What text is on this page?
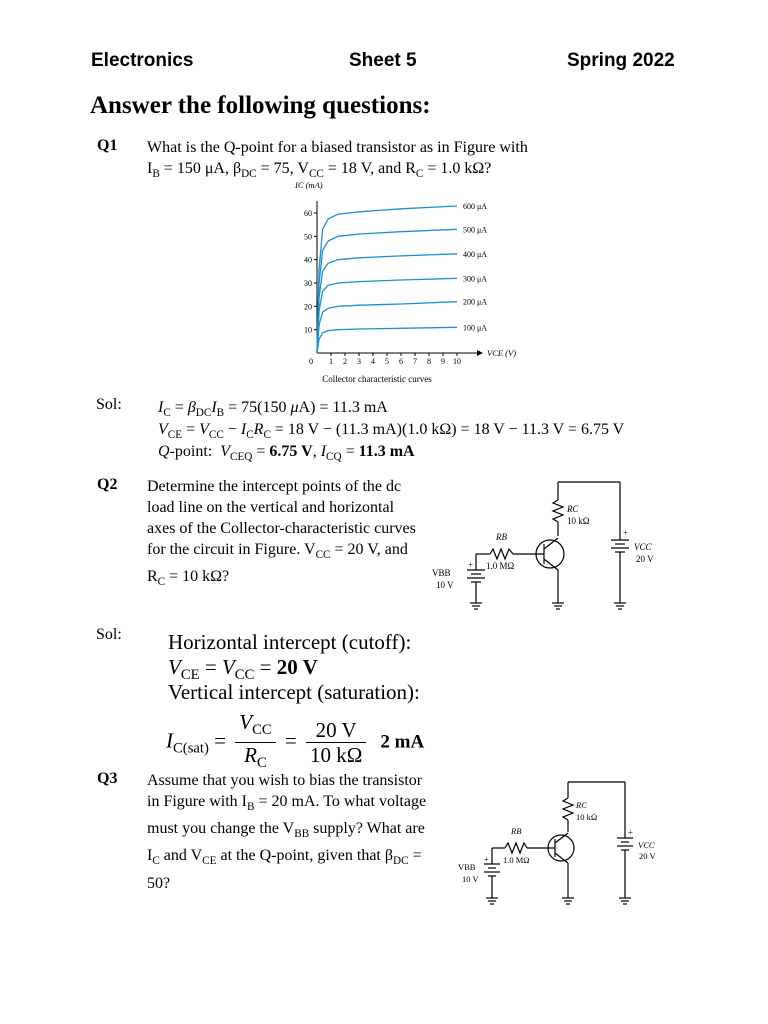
Electronics	Sheet 5	Spring 2022
Answer the following questions:
Q1 What is the Q-point for a biased transistor as in Figure with
$I_B = 150$ μA, $\beta_{DC} = 75$, $V_{CC} = 18$ V, and $R_C = 1.0$ kΩ?
10
20
30
40
50
60
0 1 2 3 4 5 6 7 8 9 10
IC (mA)
VCE (V)
100 μA
200 μA
300 μA
400 μA
500 μA
600 μA
Collector characteristic curves
Sol: $I_C = \beta_{DC}I_B = 75(150$ μA) = 11.3 mA
$V_{CE} = V_{CC} - I_CR_C = 18$ V − (11.3 mA)(1.0 kΩ) = 18 V − 11.3 V = 6.75 V
Q-point:  $V_{CEQ} = 6.75$ V, $I_{CQ} = 11.3$ mA
Q2 Determine the intercept points of the dc load line on the vertical and horizontal axes of the Collector-characteristic curves for the circuit in Figure. $V_{CC} = 20$ V, and $R_C = 10$ kΩ?
RC
10 kΩ
RB
1.0 MΩ
VBB
10 V
+
VCC
20 V
+
Sol: Horizontal intercept (cutoff):
$V_{CE} = V_{CC} = 20$ V
Vertical intercept (saturation):
$I_{C(sat)} = \frac{V_{CC}}{R_C} = \frac{20 V}{10 k\Omega} 2$ mA
Q3 Assume that you wish to bias the transistor in Figure with $I_B = 20$ mA. To what voltage must you change the $V_{BB}$ supply? What are $I_C$ and $V_{CE}$ at the Q-point, given that $\beta_{DC} = 50$?
RC
10 kΩ
RB
1.0 MΩ
VBB
10 V
+
VCC
20 V
+
